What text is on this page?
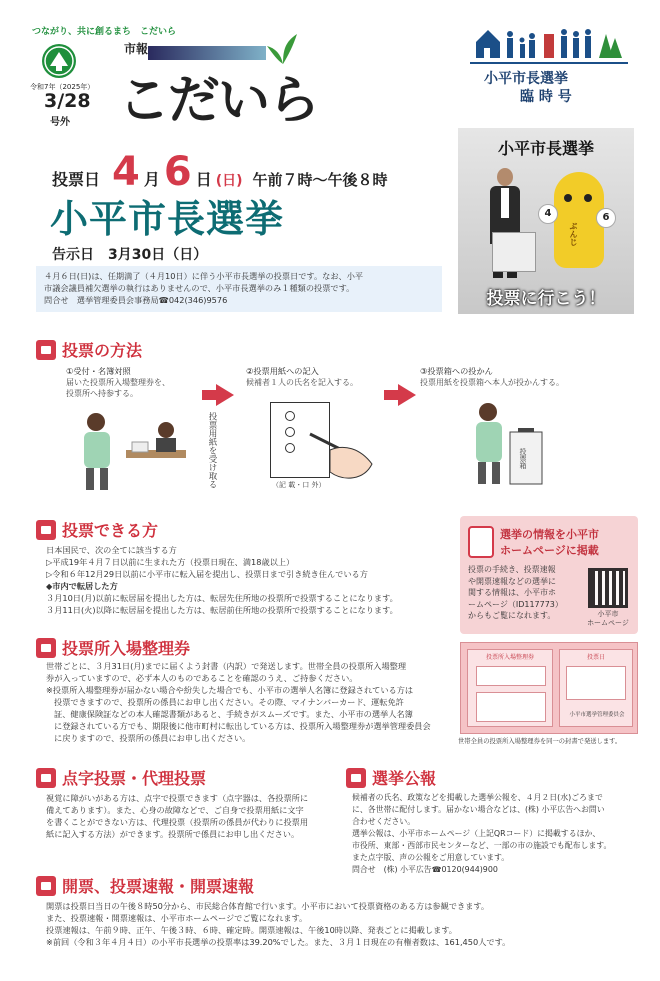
つながり、共に創るまち　こだいら
令和7年（2025年）
3/28
号外
市報
こだいら	小平市長選挙
臨 時 号
小平市長選挙
ぶんじ
4	6
投票に行こう！
投票日 4 月 6 日 (日) 午前７時～午後８時
小平市長選挙
告示日 3月30日（日）
４月６日(日)は、任期満了（４月10日）に伴う小平市長選挙の投票日です。なお、小平
市議会議員補欠選挙の執行はありませんので、小平市長選挙のみ１種類の投票です。
問合せ　選挙管理委員会事務局☎042(346)9576
投票の方法
①受付・名簿対照
届いた投票所入場整理券を、
投票所へ持参する。
投票用紙を受け取る
②投票用紙への記入
候補者１人の氏名を記入する。
（記 載・口 外）
③投票箱への投かん
投票用紙を投票箱へ本人が投かんする。
投票箱
投票できる方

日本国民で、次の全てに該当する方

▷平成19年４月７日以前に生まれた方（投票日現在、満18歳以上）

▷令和６年12月29日以前に小平市に転入届を提出し、投票日まで引き続き住んでいる方

◆市内で転居した方

３月10日(月)以前に転居届を提出した方は、転居先住所地の投票所で投票することになります。

３月11日(火)以降に転居届を提出した方は、転居前住所地の投票所で投票することになります。

選挙の情報を小平市
ホームページに掲載
投票の手続き、投票速報
や開票速報などの選挙に
関する情報は、小平市ホ
ームページ（ID117773）
からもご覧になれます。	小平市
ホームページ
投票所入場整理券

世帯ごとに、３月31日(月)までに届くよう封書（内訳）で発送します。世帯全員の投票所入場整理

券が入っていますので、必ず本人のものであることを確認のうえ、ご持参ください。

※投票所入場整理券が届かない場合や紛失した場合でも、小平市の選挙人名簿に登録されている方は

投票できますので、投票所の係員にお申し出ください。その際、マイナンバーカード、運転免許

証、健康保険証などの本人確認書類があると、手続きがスムーズです。また、小平市の選挙人名簿

に登録されている方でも、期限後に他市町村に転出している方は、投票所入場整理券が選挙管理委員会

に戻りますので、投票所の係員にお申し出ください。

投票所入場整理券	投票日
小平市選挙管理委員会
世帯全員の投票所入場整理券を同一の封書で発送します。
点字投票・代理投票

視覚に障がいがある方は、点字で投票できます（点字器は、各投票所に

備えてあります）。また、心身の故障などで、ご自身で投票用紙に文字

を書くことができない方は、代理投票（投票所の係員が代わりに投票用

紙に記入する方法）ができます。投票所で係員にお申し出ください。

選挙公報

候補者の氏名、政策などを掲載した選挙公報を、４月２日(水)ごろまで

に、各世帯に配付します。届かない場合などは、(株) 小平広告へお問い

合わせください。

選挙公報は、小平市ホームページ（上記QRコード）に掲載するほか、

市役所、東部・西部市民センターなど、一部の市の施設でも配布します。

また点字版、声の公報をご用意しています。

問合せ　(株) 小平広告☎0120(944)900

開票、投票速報・開票速報

開票は投票日当日の午後８時50分から、市民総合体育館で行います。小平市において投票資格のある方は参観できます。

また、投票速報・開票速報は、小平市ホームページでご覧になれます。

投票速報は、午前９時、正午、午後３時、６時、確定時。開票速報は、午後10時以降、発表ごとに掲載します。

※前回（令和３年４月４日）の小平市長選挙の投票率は39.20%でした。また、３月１日現在の有権者数は、161,450人です。
